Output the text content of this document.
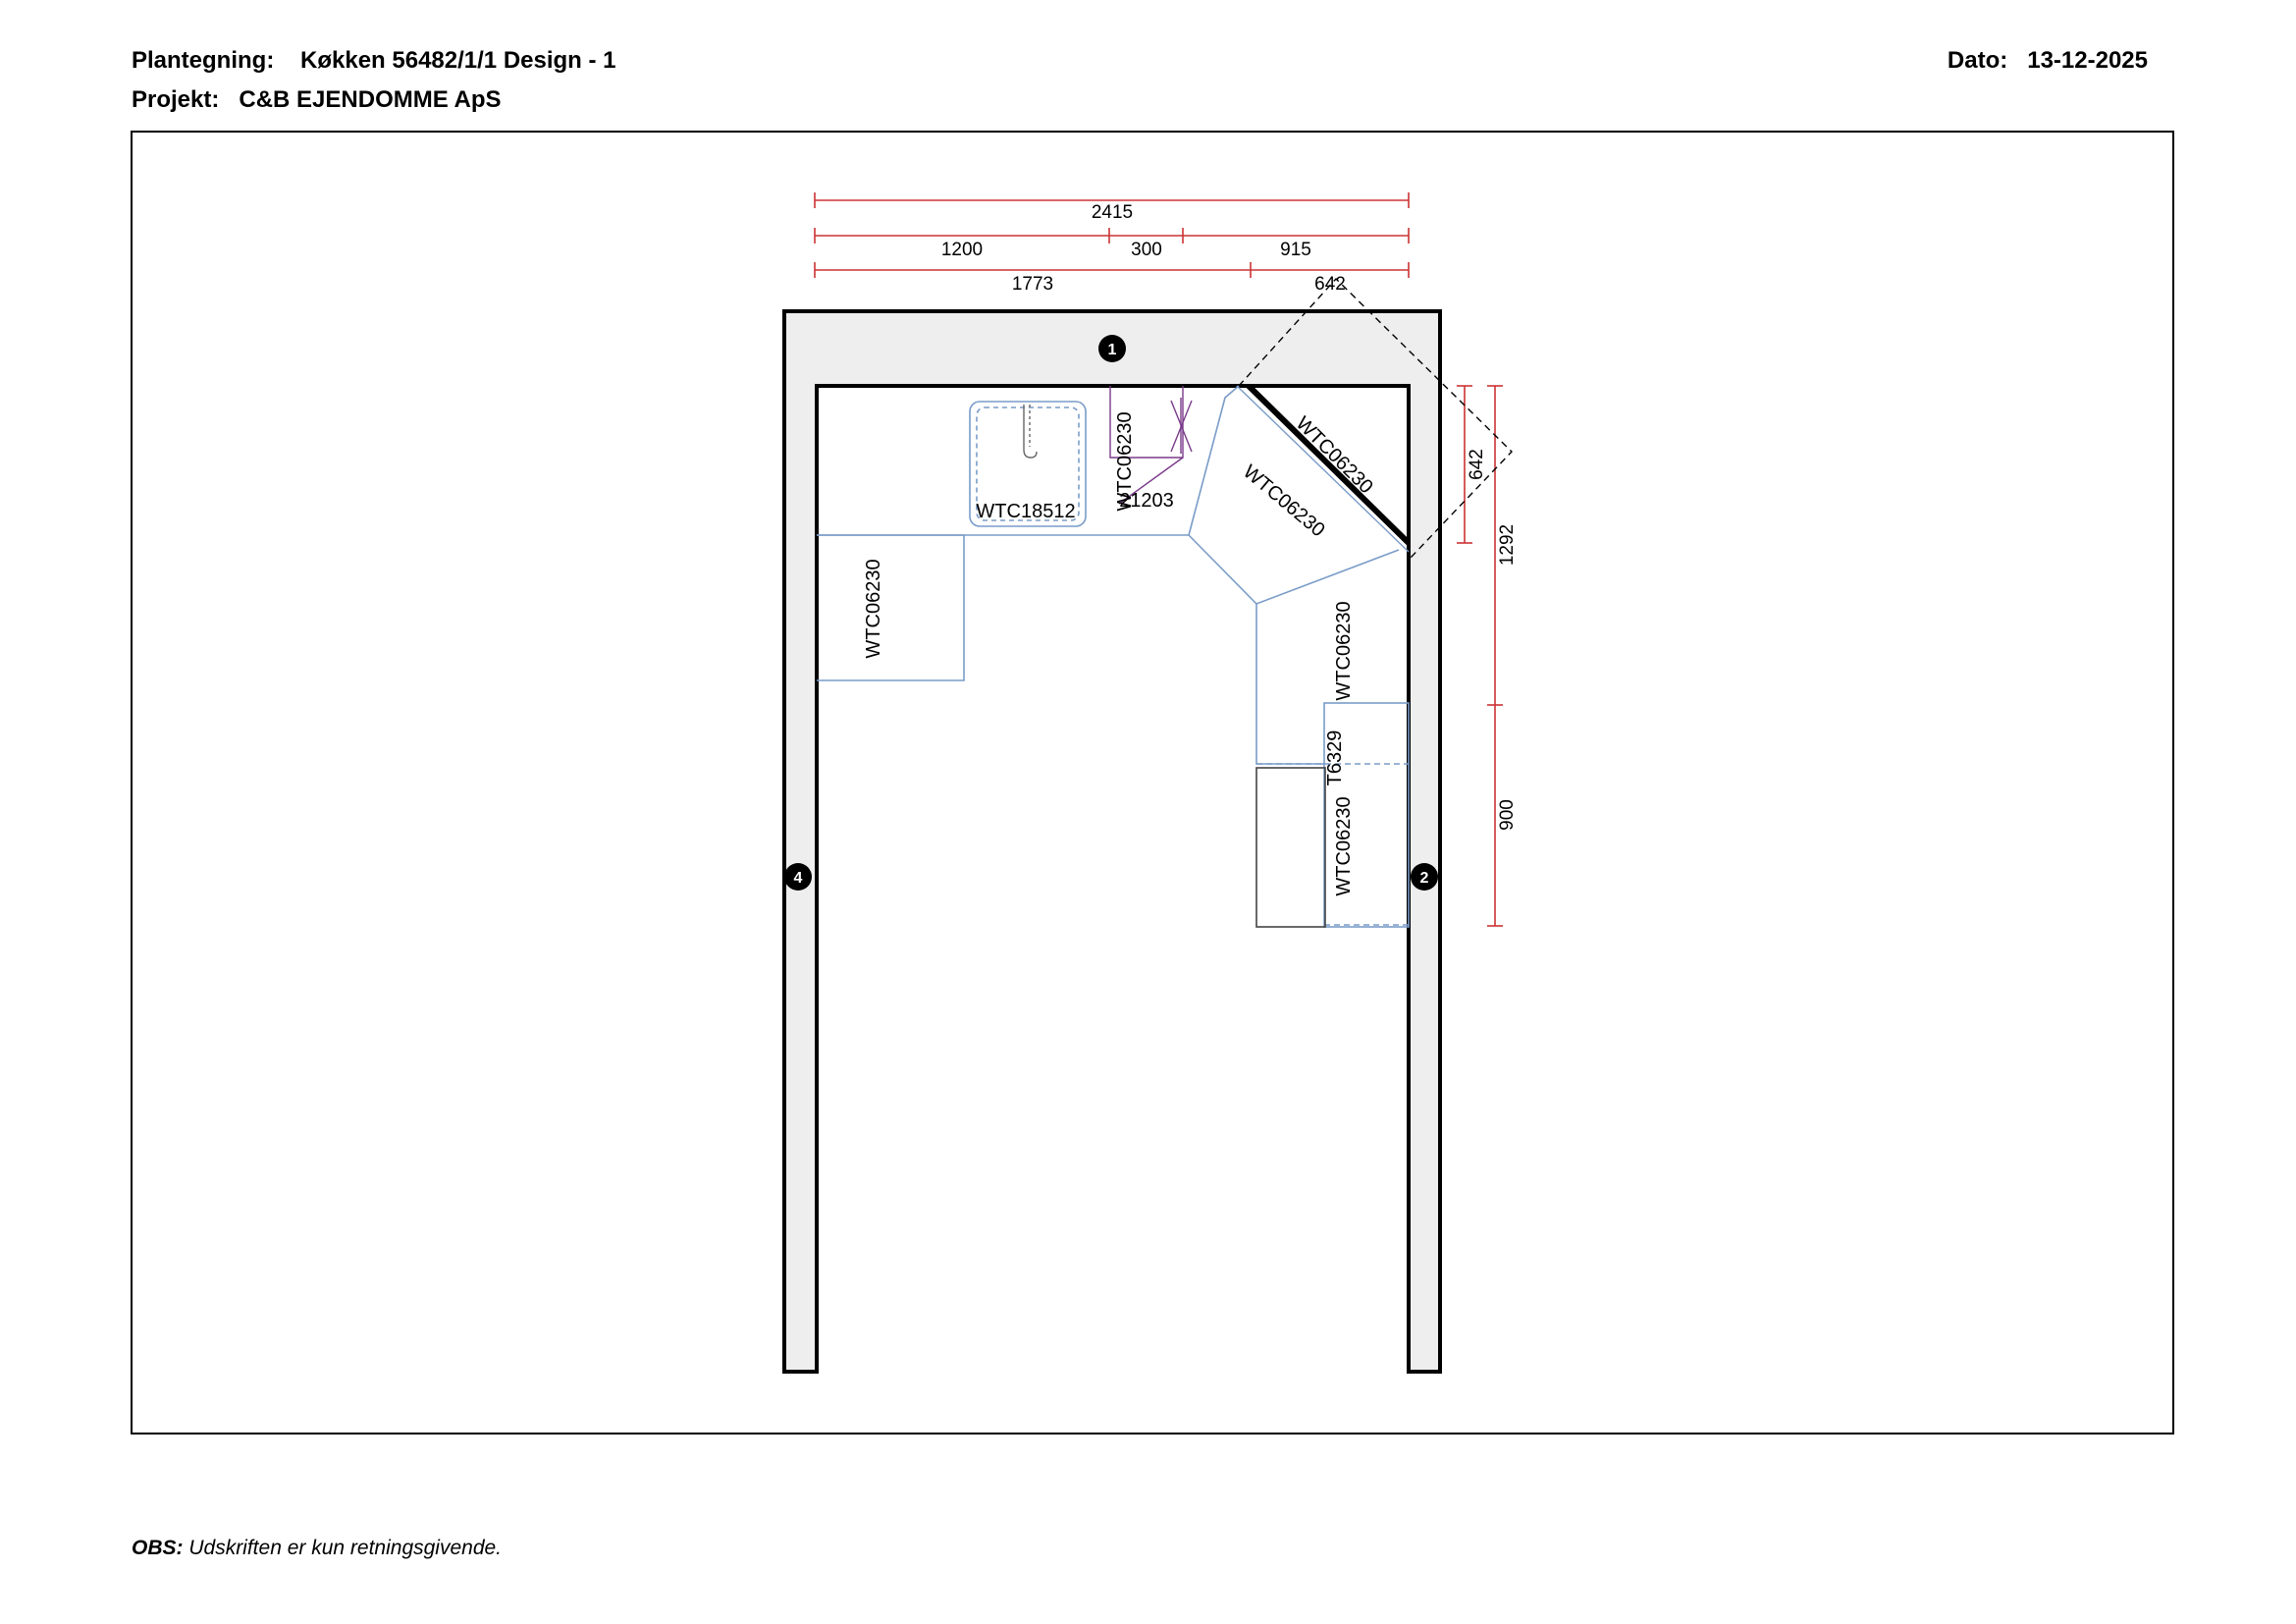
Plantegning: Køkken 56482/1/1 Design - 1
Projekt: C&B EJENDOMME ApS
Dato: 13-12-2025
2415
1200	300	915
1773	642
642
1292
900
1
2
4
WTC18512
WTC06230
21203
WTC06230
WTC06230
WTC06230
WTC06230
T6329
WTC06230
OBS: Udskriften er kun retningsgivende.
